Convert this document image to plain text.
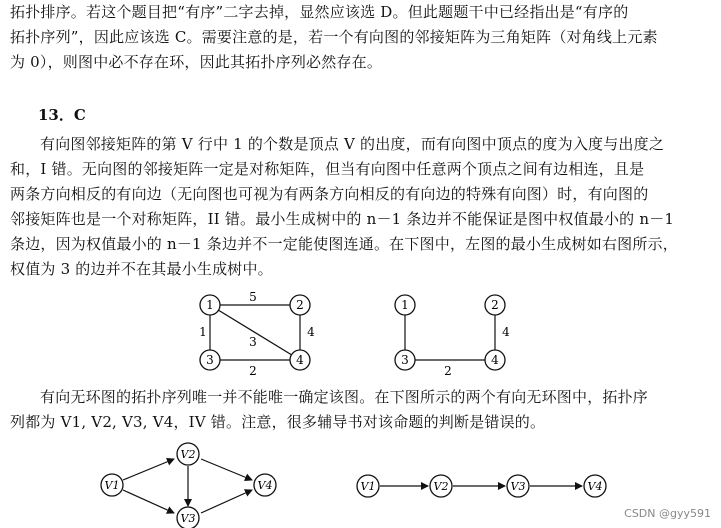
拓扑排序。若这个题目把“有序”二字去掉，显然应该选 D。但此题题干中已经指出是“有序的
拓扑序列”，因此应该选 C。需要注意的是，若一个有向图的邻接矩阵为三角矩阵（对角线上元素
为 0），则图中必不存在环，因此其拓扑序列必然存在。
13．C
有向图邻接矩阵的第 V 行中 1 的个数是顶点 V 的出度，而有向图中顶点的度为入度与出度之
和，I 错。无向图的邻接矩阵一定是对称矩阵，但当有向图中任意两个顶点之间有边相连，且是
两条方向相反的有向边（无向图也可视为有两条方向相反的有向边的特殊有向图）时，有向图的
邻接矩阵也是一个对称矩阵，II 错。最小生成树中的 n－1 条边并不能保证是图中权值最小的 n－1
条边，因为权值最小的 n－1 条边并不一定能使图连通。在下图中，左图的最小生成树如右图所示，
权值为 3 的边并不在其最小生成树中。
5
1
3
4
2
1	2
3	4
4
2
1	2
3	4
有向无环图的拓扑序列唯一并不能唯一确定该图。在下图所示的两个有向无环图中，拓扑序
列都为 V1, V2, V3, V4，IV 错。注意，很多辅导书对该命题的判断是错误的。
V1
V2
V3
V4	V1	V2	V3	V4
CSDN @gyy591
